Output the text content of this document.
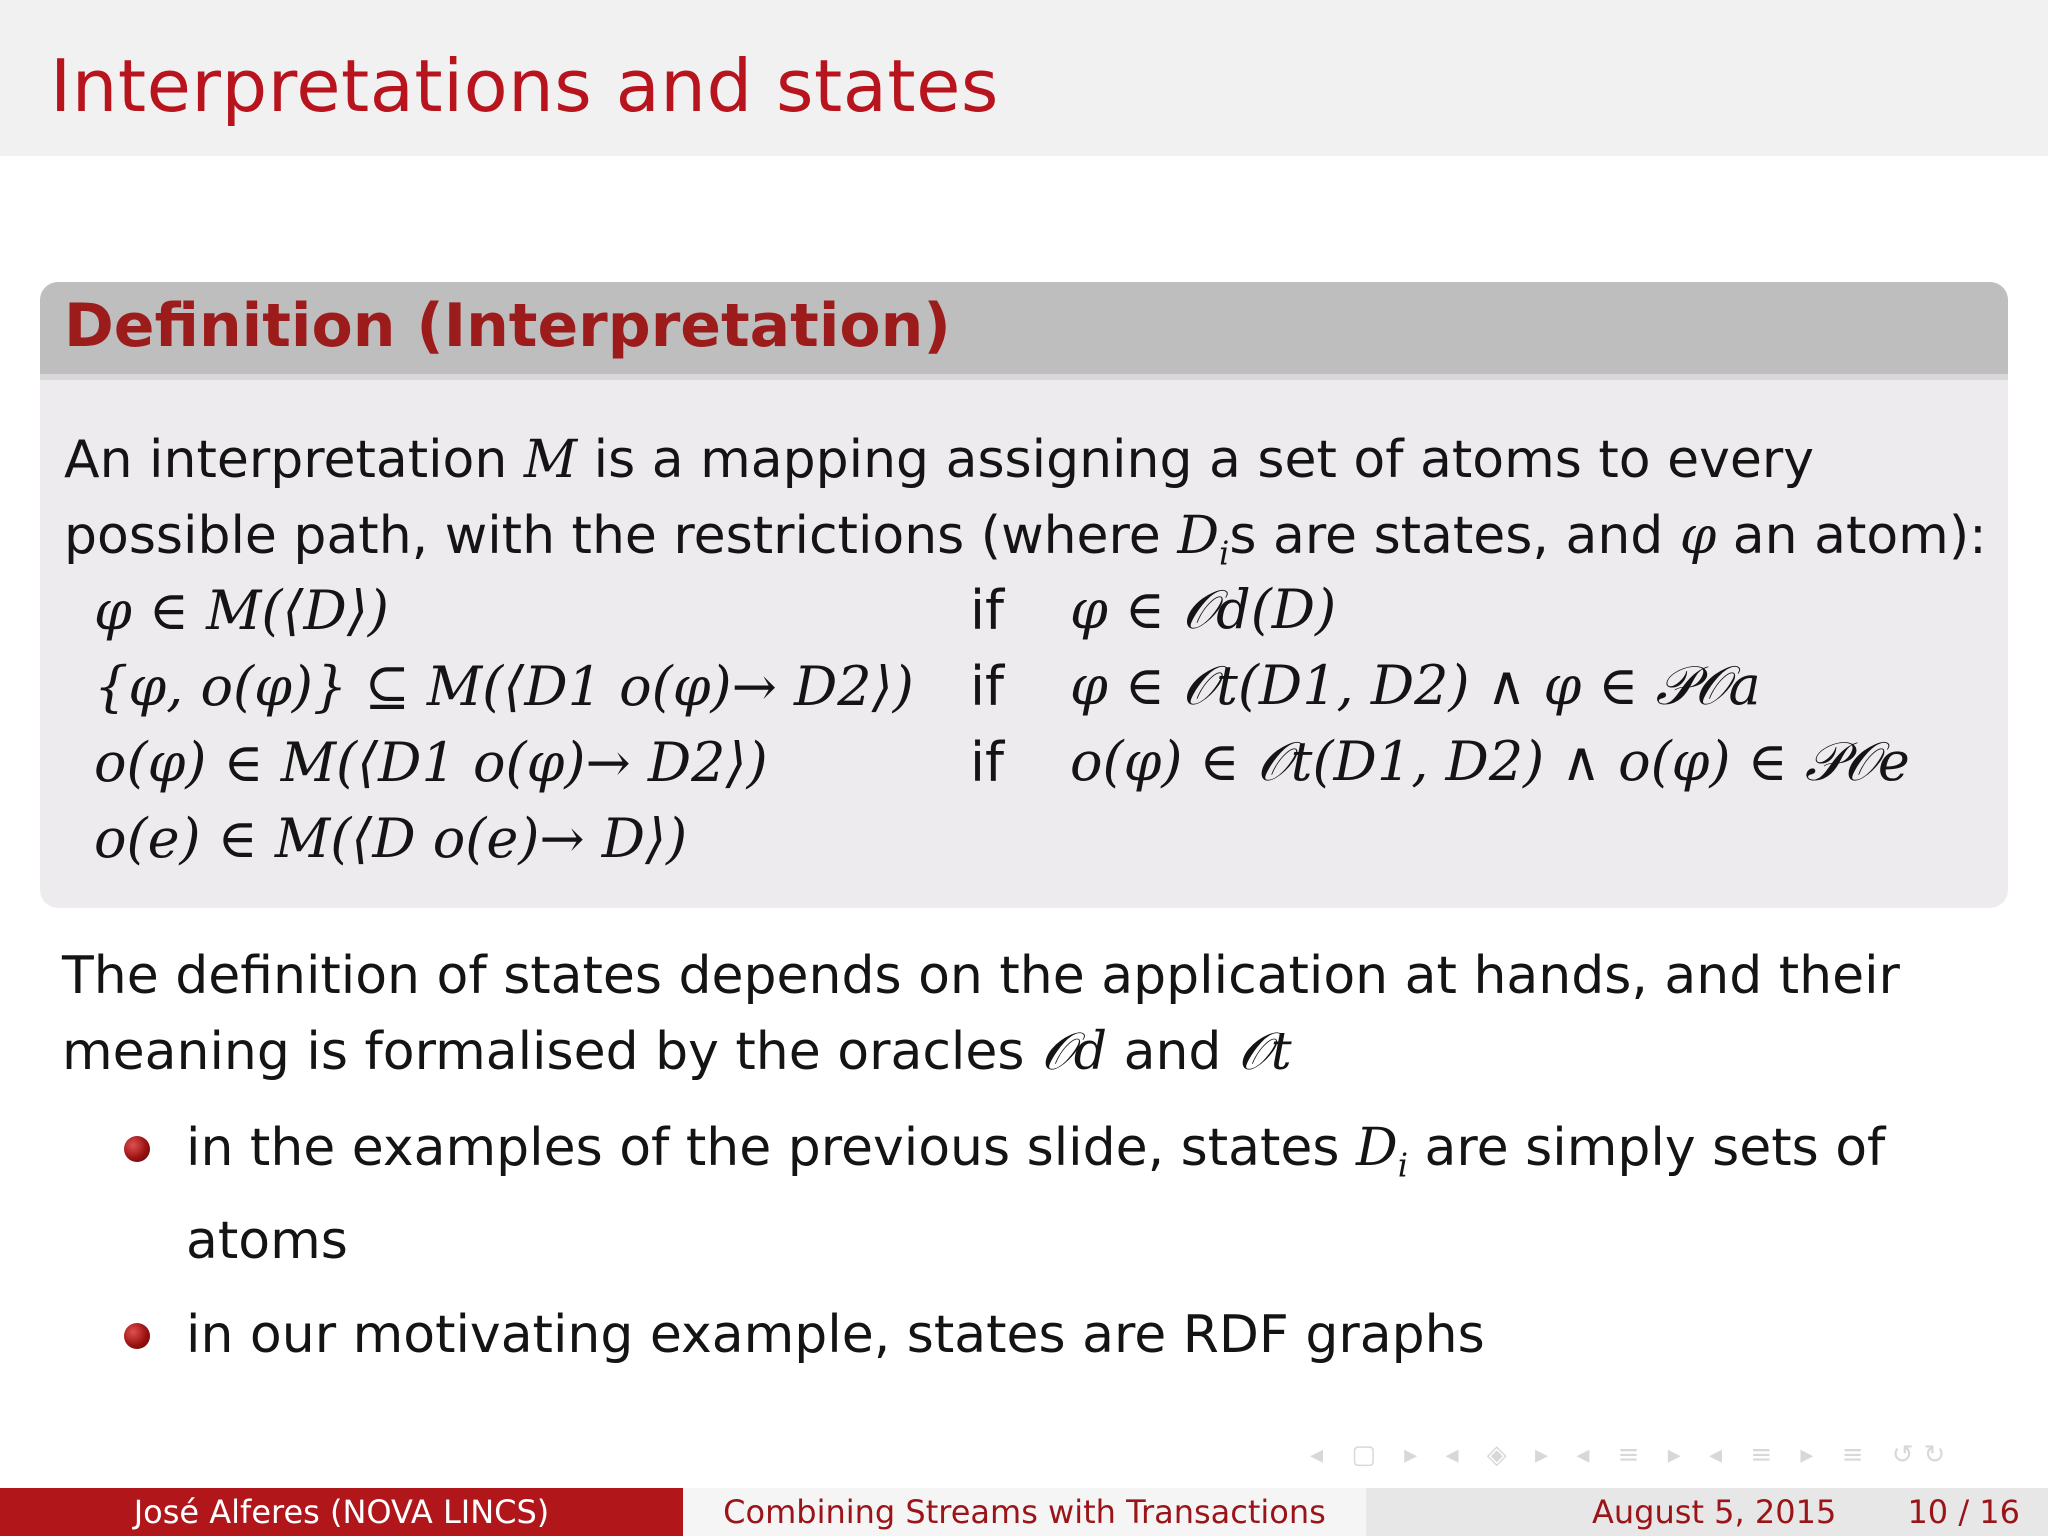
Interpretations and states
Definition (Interpretation)

An interpretation M is a mapping assigning a set of atoms to every
possible path, with the restrictions (where $D_is$ are states, and φ an atom):

φ ∈ M(⟨D⟩)	if	φ ∈ 𝒪d(D)
{φ, o(φ)} ⊆ M(⟨D1 o(φ)→ D2⟩)	if	φ ∈ 𝒪t(D1, D2) ∧ φ ∈ 𝒫𝒪a
o(φ) ∈ M(⟨D1 o(φ)→ D2⟩)	if	o(φ) ∈ 𝒪t(D1, D2) ∧ o(φ) ∈ 𝒫𝒪e
o(e) ∈ M(⟨D o(e)→ D⟩)		

The definition of states depends on the application at hands, and their
meaning is formalised by the oracles 𝒪d and 𝒪t

in the examples of the previous slide, states $D_i$ are simply sets of
atoms
in our motivating example, states are RDF graphs
◂ ▢ ▸ ◂ ◈ ▸ ◂ ≡ ▸ ◂ ≡ ▸ ≡ ↺↻
José Alferes (NOVA LINCS)	Combining Streams with Transactions	August 5, 2015 10 / 16
